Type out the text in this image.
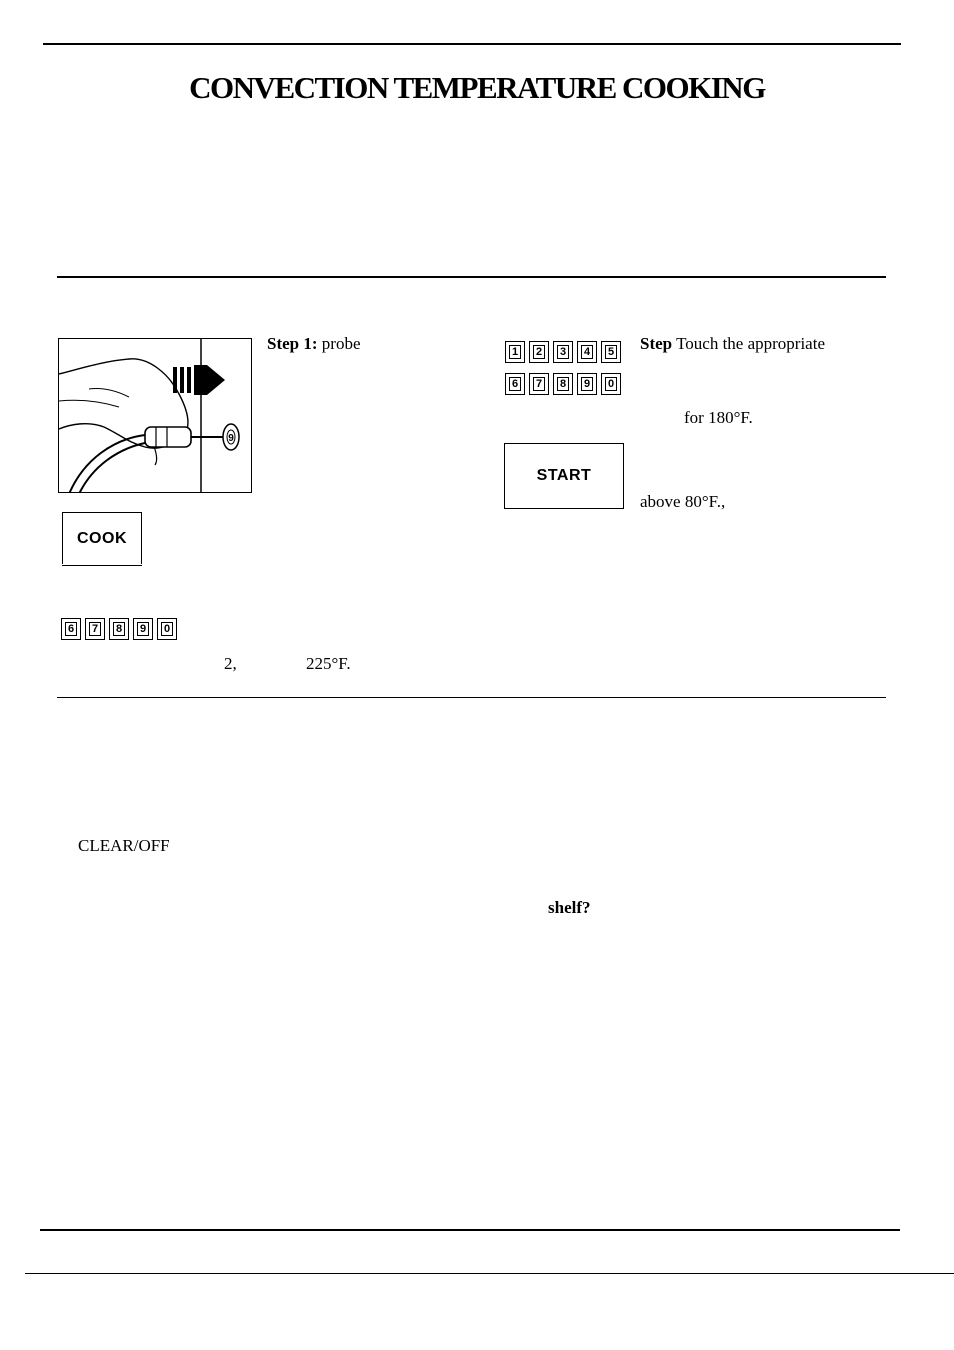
CONVECTION TEMPERATURE COOKING
9
Step 1: probe
COOK
6 7 8 9 0
2,	225°F.
1 2 3 4 5
6 7 8 9 0
Step Touch the appropriate
for 180°F.
START
above 80°F.,
CLEAR/OFF
shelf?
